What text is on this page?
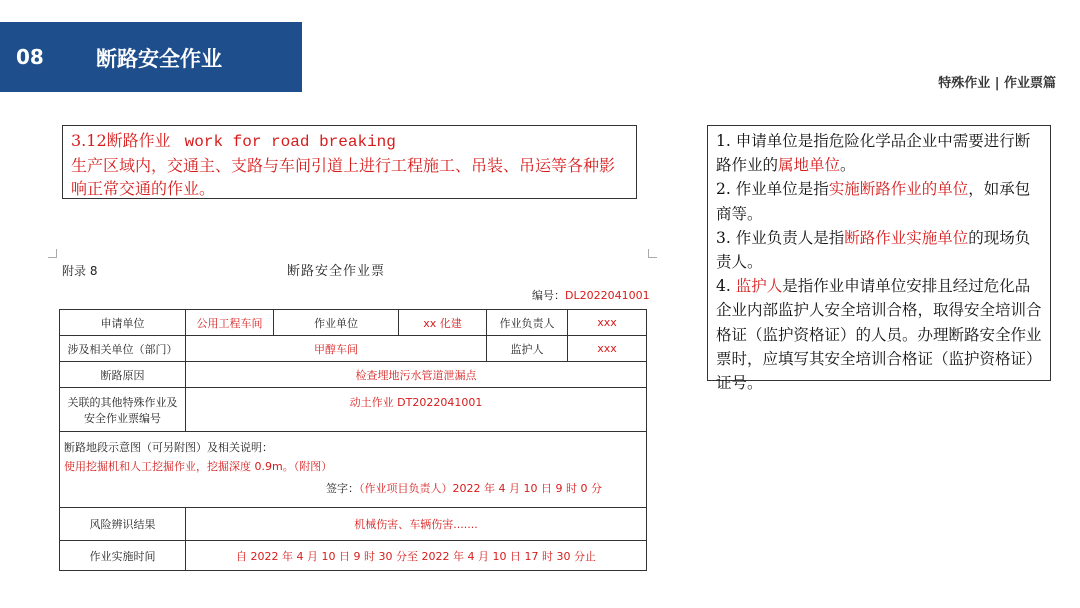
08 断路安全作业
特殊作业 | 作业票篇
3.12断路作业 work for road breaking
生产区域内，交通主、支路与车间引道上进行工程施工、吊装、吊运等各种影响正常交通的作业。
1. 申请单位是指危险化学品企业中需要进行断路作业的属地单位。
2. 作业单位是指实施断路作业的单位，如承包商等。
3. 作业负责人是指断路作业实施单位的现场负责人。
4. 监护人是指作业申请单位安排且经过危化品企业内部监护人安全培训合格，取得安全培训合格证（监护资格证）的人员。办理断路安全作业票时，应填写其安全培训合格证（监护资格证）证号。
附录 8	断路安全作业票
编号：DL2022041001
申请单位	公用工程车间	作业单位	xx 化建	作业负责人	xxx
涉及相关单位（部门）	甲醇车间			监护人	xxx
断路原因	检查埋地污水管道泄漏点				

关联的其他特殊作业及
安全作业票编号	动土作业 DT2022041001				

断路地段示意图（可另附图）及相关说明：
使用挖掘机和人工挖掘作业，挖掘深度 0.9m。（附图）
签字：（作业项目负责人）2022 年 4 月 10 日 9 时 0 分					

风险辨识结果	机械伤害、车辆伤害.......				
作业实施时间	自 2022 年 4 月 10 日 9 时 30 分至 2022 年 4 月 10 日 17 时 30 分止				
